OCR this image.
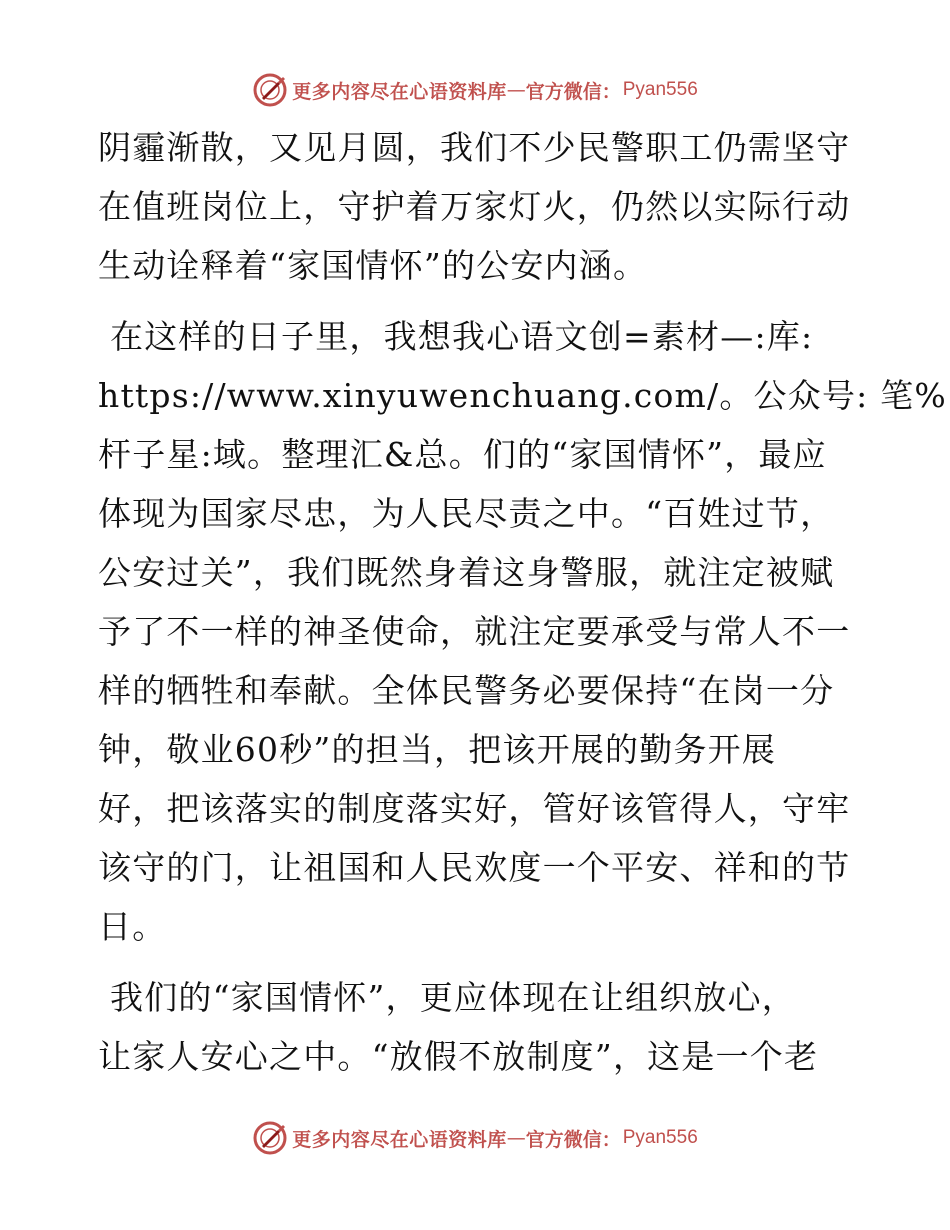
更多内容尽在心语资料库 — 官方微信： Pyan556
阴霾渐散，又见月圆，我们不少民警职工仍需坚守
在值班岗位上，守护着万家灯火，仍然以实际行动
生动诠释着“家国情怀”的公安内涵。
在这样的日子里，我想我心语文创=素材—:库:
https://www.xinyuwenchuang.com/。公众号: 笔%
杆子星:域。整理汇&总。们的“家国情怀”，最应
体现为国家尽忠，为人民尽责之中。“百姓过节，
公安过关”，我们既然身着这身警服，就注定被赋
予了不一样的神圣使命，就注定要承受与常人不一
样的牺牲和奉献。全体民警务必要保持“在岗一分
钟，敬业60秒”的担当，把该开展的勤务开展
好，把该落实的制度落实好，管好该管得人，守牢
该守的门，让祖国和人民欢度一个平安、祥和的节
日。
我们的“家国情怀”，更应体现在让组织放心，
让家人安心之中。“放假不放制度”，这是一个老
更多内容尽在心语资料库 — 官方微信： Pyan556
